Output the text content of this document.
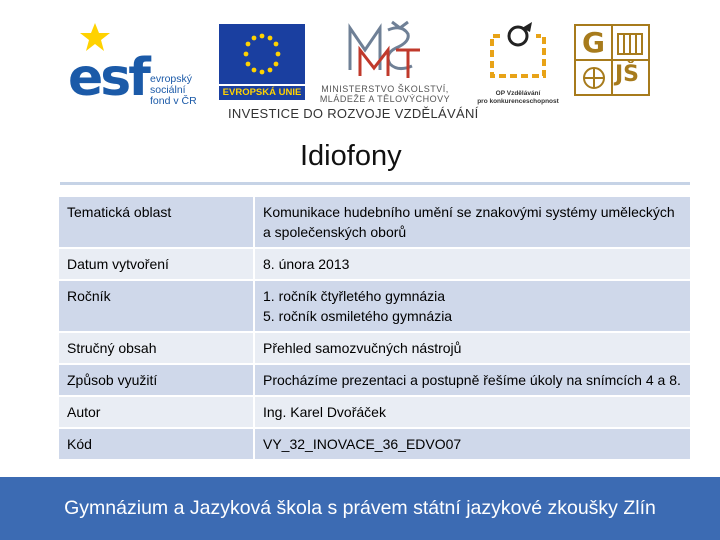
esf evropský
sociální
fond v ČR
EVROPSKÁ UNIE	MINISTERSTVO ŠKOLSTVÍ,
MLÁDEŽE A TĚLOVÝCHOVY
OP Vzdělávání
pro konkurenceschopnost
G
JŠ
INVESTICE DO ROZVOJE VZDĚLÁVÁNÍ
Idiofony
Tematická oblast	Komunikace hudebního umění se znakovými systémy uměleckých a společenských oborů
Datum vytvoření	8. února 2013
Ročník	1. ročník čtyřletého gymnázia
5. ročník osmiletého gymnázia
Stručný obsah	Přehled samozvučných nástrojů
Způsob využití	Procházíme prezentaci a postupně řešíme úkoly na snímcích 4 a 8.
Autor	Ing. Karel Dvořáček
Kód	VY_32_INOVACE_36_EDVO07
Gymnázium a Jazyková škola s právem státní jazykové zkoušky Zlín
